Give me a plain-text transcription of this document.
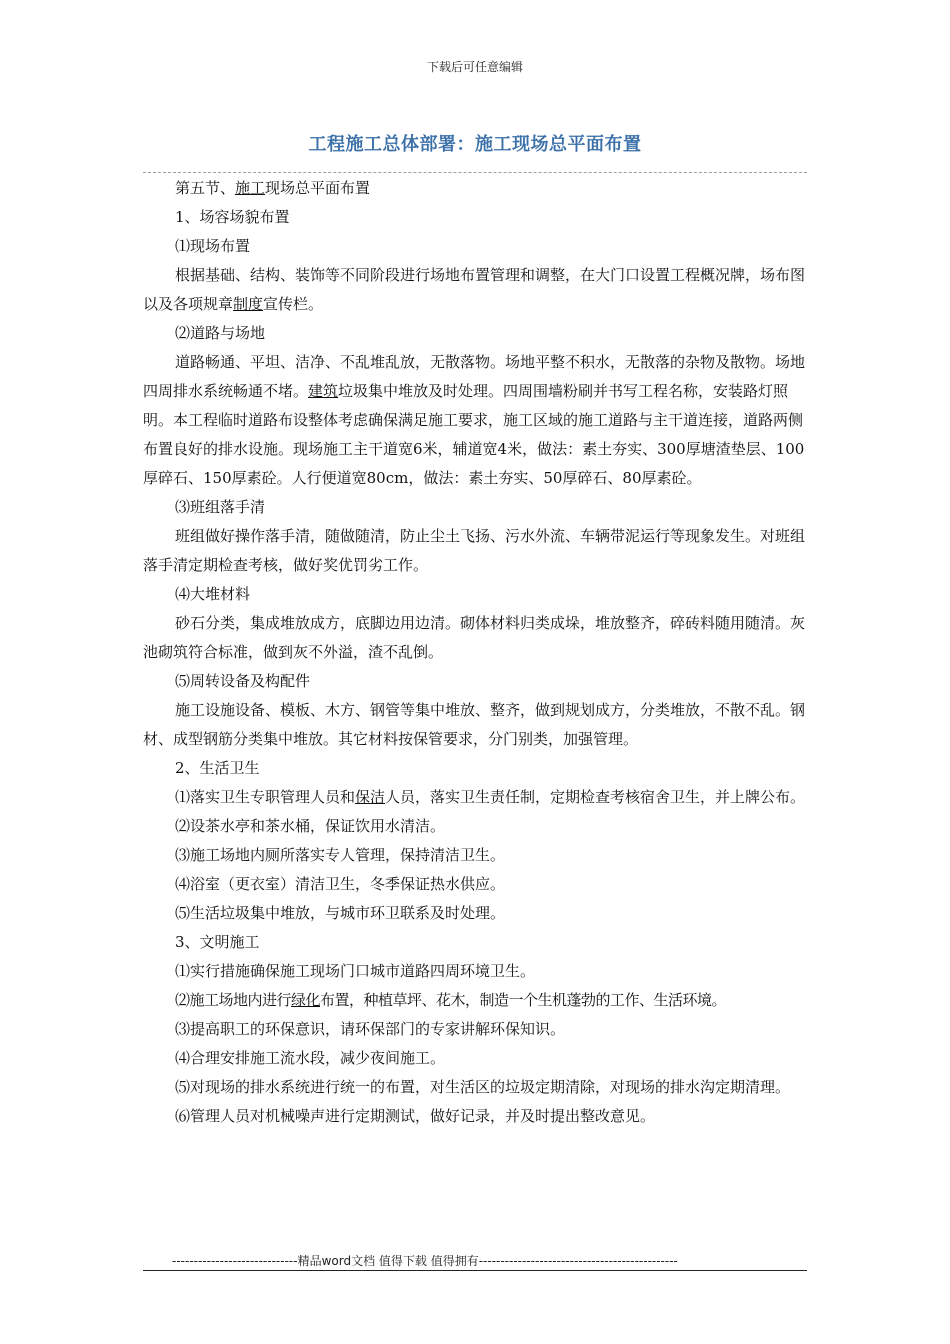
下载后可任意编辑
工程施工总体部署：施工现场总平面布置

第五节、施工现场总平面布置

1、场容场貌布置

⑴现场布置

根据基础、结构、装饰等不同阶段进行场地布置管理和调整，在大门口设置工程概况牌，场布图以及各项规章制度宣传栏。

⑵道路与场地

道路畅通、平坦、洁净、不乱堆乱放，无散落物。场地平整不积水，无散落的杂物及散物。场地四周排水系统畅通不堵。建筑垃圾集中堆放及时处理。四周围墙粉刷并书写工程名称，安装路灯照明。本工程临时道路布设整体考虑确保满足施工要求，施工区域的施工道路与主干道连接，道路两侧布置良好的排水设施。现场施工主干道宽6米，辅道宽4米，做法：素土夯实、300厚塘渣垫层、100厚碎石、150厚素砼。人行便道宽80cm，做法：素土夯实、50厚碎石、80厚素砼。

⑶班组落手清

班组做好操作落手清，随做随清，防止尘土飞扬、污水外流、车辆带泥运行等现象发生。对班组落手清定期检查考核，做好奖优罚劣工作。

⑷大堆材料

砂石分类，集成堆放成方，底脚边用边清。砌体材料归类成垛，堆放整齐，碎砖料随用随清。灰池砌筑符合标准，做到灰不外溢，渣不乱倒。

⑸周转设备及构配件

施工设施设备、模板、木方、钢管等集中堆放、整齐，做到规划成方，分类堆放，不散不乱。钢材、成型钢筋分类集中堆放。其它材料按保管要求，分门别类，加强管理。

2、生活卫生

⑴落实卫生专职管理人员和保洁人员，落实卫生责任制，定期检查考核宿舍卫生，并上牌公布。

⑵设茶水亭和茶水桶，保证饮用水清洁。

⑶施工场地内厕所落实专人管理，保持清洁卫生。

⑷浴室（更衣室）清洁卫生，冬季保证热水供应。

⑸生活垃圾集中堆放，与城市环卫联系及时处理。

3、文明施工

⑴实行措施确保施工现场门口城市道路四周环境卫生。

⑵施工场地内进行绿化布置，种植草坪、花木，制造一个生机蓬勃的工作、生活环境。

⑶提高职工的环保意识，请环保部门的专家讲解环保知识。

⑷合理安排施工流水段，减少夜间施工。

⑸对现场的排水系统进行统一的布置，对生活区的垃圾定期清除，对现场的排水沟定期清理。

⑹管理人员对机械噪声进行定期测试，做好记录，并及时提出整改意见。

-----------------------------精品word文档 值得下载 值得拥有----------------------------------------------
